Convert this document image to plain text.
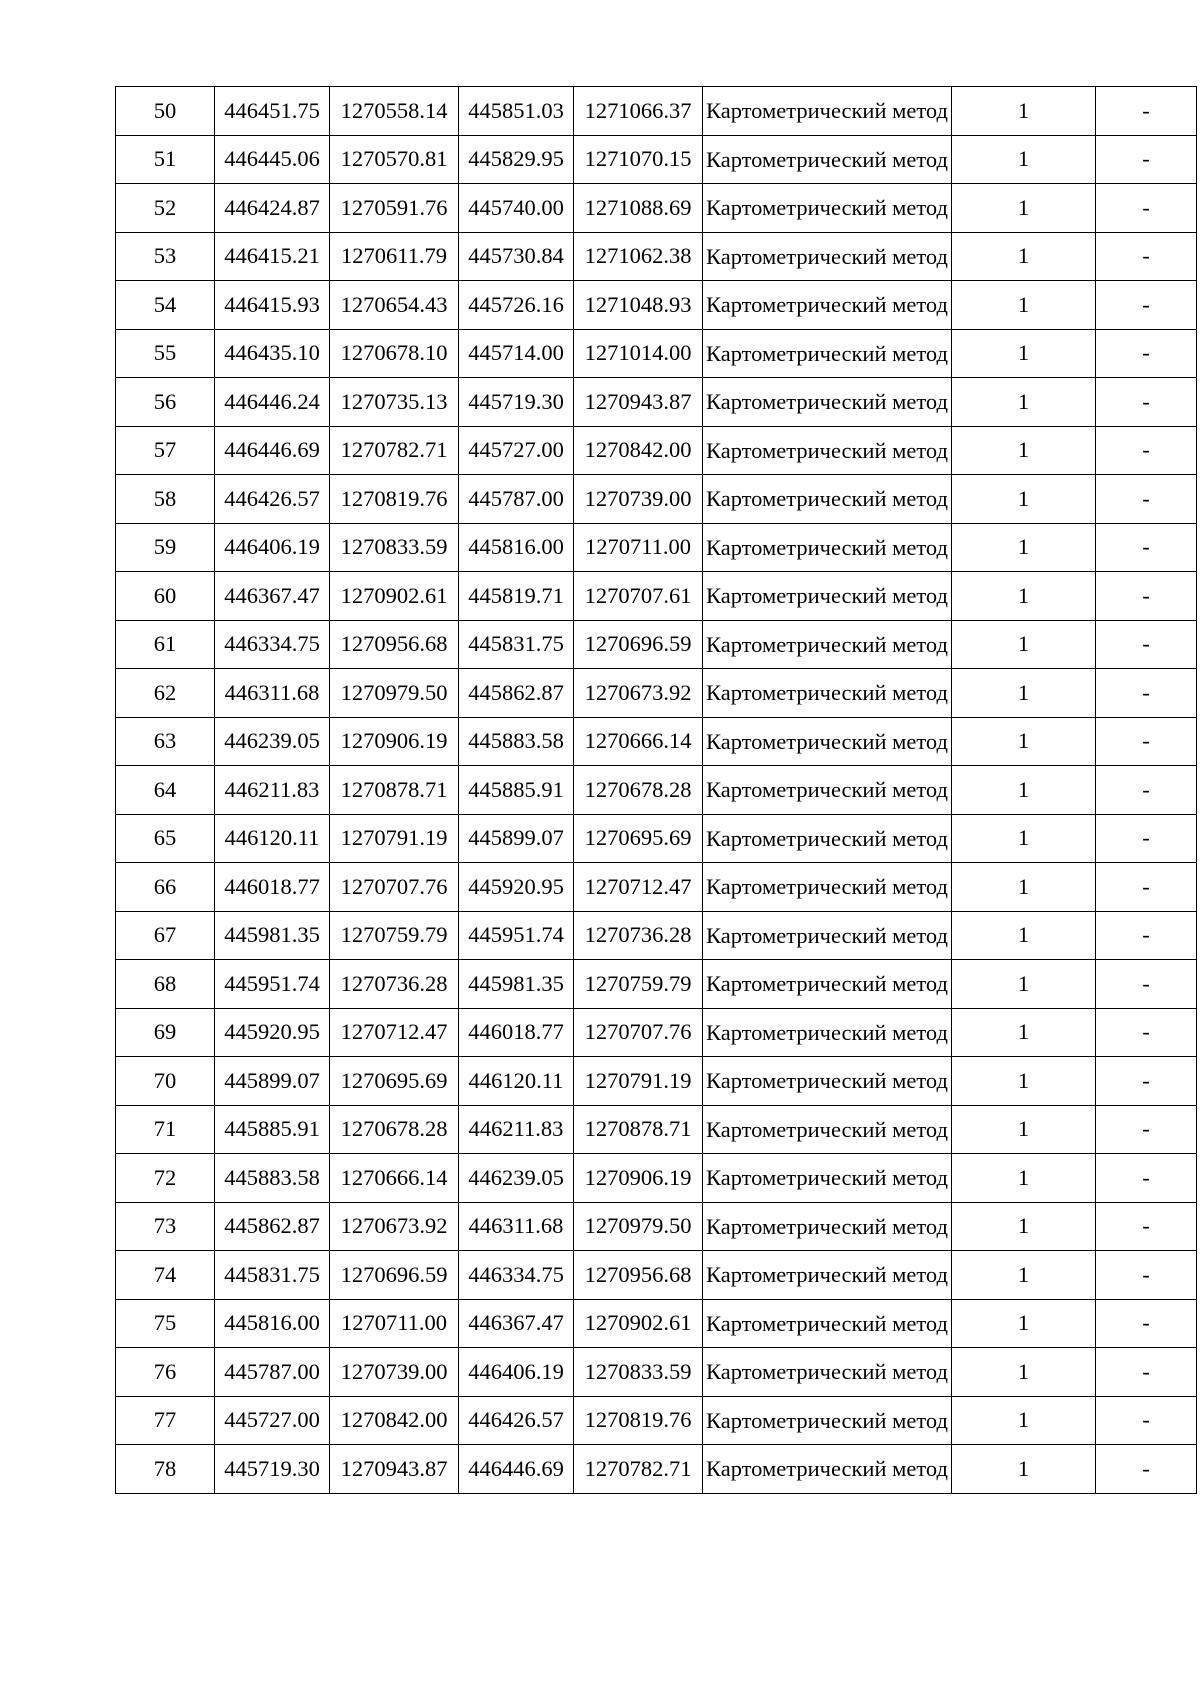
50	446451.75	1270558.14	445851.03	1271066.37	Картометрический метод	1	-
51	446445.06	1270570.81	445829.95	1271070.15	Картометрический метод	1	-
52	446424.87	1270591.76	445740.00	1271088.69	Картометрический метод	1	-
53	446415.21	1270611.79	445730.84	1271062.38	Картометрический метод	1	-
54	446415.93	1270654.43	445726.16	1271048.93	Картометрический метод	1	-
55	446435.10	1270678.10	445714.00	1271014.00	Картометрический метод	1	-
56	446446.24	1270735.13	445719.30	1270943.87	Картометрический метод	1	-
57	446446.69	1270782.71	445727.00	1270842.00	Картометрический метод	1	-
58	446426.57	1270819.76	445787.00	1270739.00	Картометрический метод	1	-
59	446406.19	1270833.59	445816.00	1270711.00	Картометрический метод	1	-
60	446367.47	1270902.61	445819.71	1270707.61	Картометрический метод	1	-
61	446334.75	1270956.68	445831.75	1270696.59	Картометрический метод	1	-
62	446311.68	1270979.50	445862.87	1270673.92	Картометрический метод	1	-
63	446239.05	1270906.19	445883.58	1270666.14	Картометрический метод	1	-
64	446211.83	1270878.71	445885.91	1270678.28	Картометрический метод	1	-
65	446120.11	1270791.19	445899.07	1270695.69	Картометрический метод	1	-
66	446018.77	1270707.76	445920.95	1270712.47	Картометрический метод	1	-
67	445981.35	1270759.79	445951.74	1270736.28	Картометрический метод	1	-
68	445951.74	1270736.28	445981.35	1270759.79	Картометрический метод	1	-
69	445920.95	1270712.47	446018.77	1270707.76	Картометрический метод	1	-
70	445899.07	1270695.69	446120.11	1270791.19	Картометрический метод	1	-
71	445885.91	1270678.28	446211.83	1270878.71	Картометрический метод	1	-
72	445883.58	1270666.14	446239.05	1270906.19	Картометрический метод	1	-
73	445862.87	1270673.92	446311.68	1270979.50	Картометрический метод	1	-
74	445831.75	1270696.59	446334.75	1270956.68	Картометрический метод	1	-
75	445816.00	1270711.00	446367.47	1270902.61	Картометрический метод	1	-
76	445787.00	1270739.00	446406.19	1270833.59	Картометрический метод	1	-
77	445727.00	1270842.00	446426.57	1270819.76	Картометрический метод	1	-
78	445719.30	1270943.87	446446.69	1270782.71	Картометрический метод	1	-
